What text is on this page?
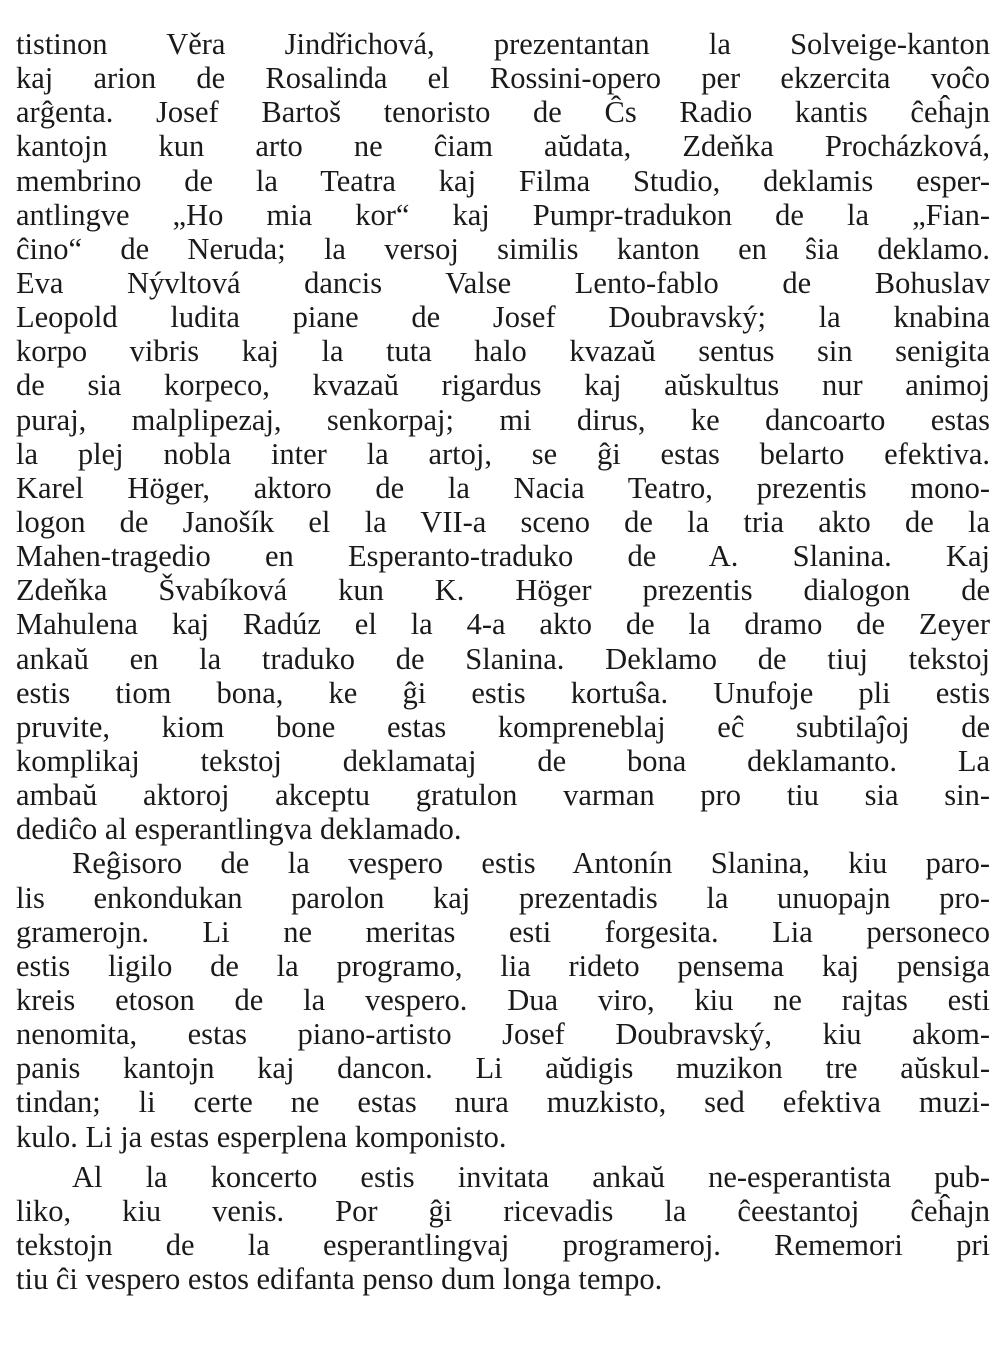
tistinon Věra Jindřichová, prezentantan la Solveige-kanton
kaj arion de Rosalinda el Rossini-opero per ekzercita voĉo
arĝenta. Josef Bartoš tenoristo de Ĉs Radio kantis ĉeĥajn
kantojn kun arto ne ĉiam aŭdata, Zdeňka Procházková,
membrino de la Teatra kaj Filma Studio, deklamis esper-
antlingve „Ho mia kor“ kaj Pumpr-tradukon de la „Fian-
ĉino“ de Neruda; la versoj similis kanton en ŝia deklamo.
Eva Nývltová dancis Valse Lento-fablo de Bohuslav
Leopold ludita piane de Josef Doubravský; la knabina
korpo vibris kaj la tuta halo kvazaŭ sentus sin senigita
de sia korpeco, kvazaŭ rigardus kaj aŭskultus nur animoj
puraj, malplipezaj, senkorpaj; mi dirus, ke dancoarto estas
la plej nobla inter la artoj, se ĝi estas belarto efektiva.
Karel Höger, aktoro de la Nacia Teatro, prezentis mono-
logon de Janošík el la VII-a sceno de la tria akto de la
Mahen-tragedio en Esperanto-traduko de A. Slanina. Kaj
Zdeňka Švabíková kun K. Höger prezentis dialogon de
Mahulena kaj Radúz el la 4-a akto de la dramo de Zeyer
ankaŭ en la traduko de Slanina. Deklamo de tiuj tekstoj
estis tiom bona, ke ĝi estis kortuŝa. Unufoje pli estis
pruvite, kiom bone estas kompreneblaj eĉ subtilaĵoj de
komplikaj tekstoj deklamataj de bona deklamanto. La
ambaŭ aktoroj akceptu gratulon varman pro tiu sia sin-
dediĉo al esperantlingva deklamado.
Reĝisoro de la vespero estis Antonín Slanina, kiu paro-
lis enkondukan parolon kaj prezentadis la unuopajn pro-
gramerojn. Li ne meritas esti forgesita. Lia personeco
estis ligilo de la programo, lia rideto pensema kaj pensiga
kreis etoson de la vespero. Dua viro, kiu ne rajtas esti
nenomita, estas piano-artisto Josef Doubravský, kiu akom-
panis kantojn kaj dancon. Li aŭdigis muzikon tre aŭskul-
tindan; li certe ne estas nura muzkisto, sed efektiva muzi-
kulo. Li ja estas esperplena komponisto.
Al la koncerto estis invitata ankaŭ ne-esperantista pub-
liko, kiu venis. Por ĝi ricevadis la ĉeestantoj ĉeĥajn
tekstojn de la esperantlingvaj programeroj. Rememori pri
tiu ĉi vespero estos edifanta penso dum longa tempo.
